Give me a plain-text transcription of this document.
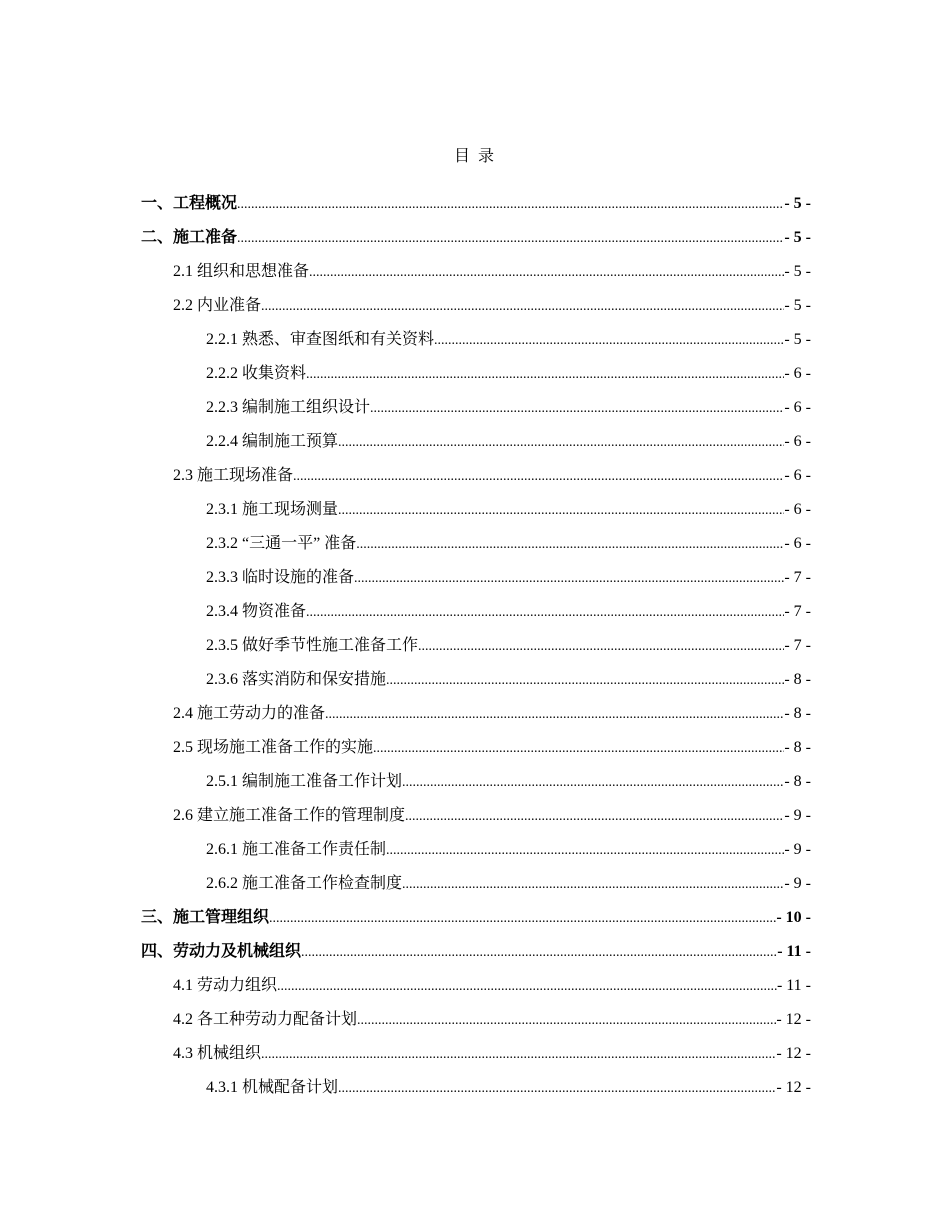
目 录
一、工程概况 .....	- 5 -
二、施工准备 .....	- 5 -
2.1 组织和思想准备 .....	- 5 -
2.2 内业准备 .....	- 5 -
2.2.1 熟悉、审查图纸和有关资料 .....	- 5 -
2.2.2 收集资料 .....	- 6 -
2.2.3 编制施工组织设计 .....	- 6 -
2.2.4 编制施工预算 .....	- 6 -
2.3 施工现场准备 .....	- 6 -
2.3.1 施工现场测量 .....	- 6 -
2.3.2 “三通一平” 准备 .....	- 6 -
2.3.3 临时设施的准备 .....	- 7 -
2.3.4 物资准备 .....	- 7 -
2.3.5 做好季节性施工准备工作 .....	- 7 -
2.3.6 落实消防和保安措施 .....	- 8 -
2.4 施工劳动力的准备 .....	- 8 -
2.5 现场施工准备工作的实施 .....	- 8 -
2.5.1 编制施工准备工作计划 .....	- 8 -
2.6 建立施工准备工作的管理制度 .....	- 9 -
2.6.1 施工准备工作责任制 .....	- 9 -
2.6.2 施工准备工作检查制度 .....	- 9 -
三、施工管理组织 .....	- 10 -
四、劳动力及机械组织 .....	- 11 -
4.1 劳动力组织 .....	- 11 -
4.2 各工种劳动力配备计划 .....	- 12 -
4.3 机械组织 .....	- 12 -
4.3.1 机械配备计划 .....	- 12 -
